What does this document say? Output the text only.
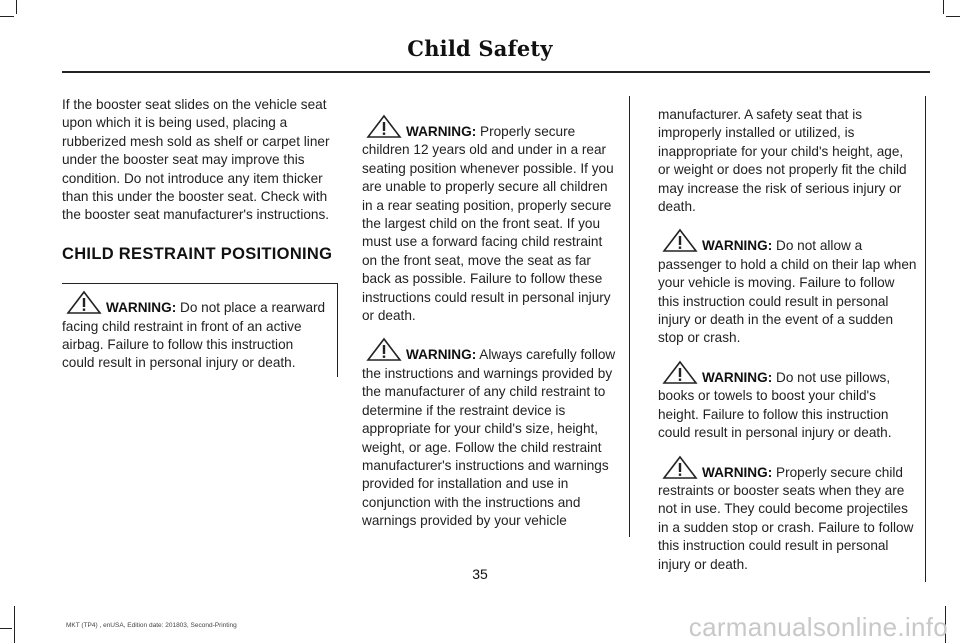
Child Safety

If the booster seat slides on the vehicle seat upon which it is being used, placing a rubberized mesh sold as shelf or carpet liner under the booster seat may improve this condition. Do not introduce any item thicker than this under the booster seat. Check with the booster seat manufacturer's instructions.

CHILD RESTRAINT POSITIONING

WARNING: Do not place a rearward facing child restraint in front of an active airbag. Failure to follow this instruction could result in personal injury or death.

WARNING: Properly secure children 12 years old and under in a rear seating position whenever possible. If you are unable to properly secure all children in a rear seating position, properly secure the largest child on the front seat. If you must use a forward facing child restraint on the front seat, move the seat as far back as possible. Failure to follow these instructions could result in personal injury or death.

WARNING: Always carefully follow the instructions and warnings provided by the manufacturer of any child restraint to determine if the restraint device is appropriate for your child's size, height, weight, or age. Follow the child restraint manufacturer's instructions and warnings provided for installation and use in conjunction with the instructions and warnings provided by your vehicle

manufacturer. A safety seat that is improperly installed or utilized, is inappropriate for your child's height, age, or weight or does not properly fit the child may increase the risk of serious injury or death.

WARNING: Do not allow a passenger to hold a child on their lap when your vehicle is moving. Failure to follow this instruction could result in personal injury or death in the event of a sudden stop or crash.

WARNING: Do not use pillows, books or towels to boost your child's height. Failure to follow this instruction could result in personal injury or death.

WARNING: Properly secure child restraints or booster seats when they are not in use. They could become projectiles in a sudden stop or crash. Failure to follow this instruction could result in personal injury or death.

35
MKT (TP4) , enUSA, Edition date: 201803, Second-Printing	carmanualsonline.info
